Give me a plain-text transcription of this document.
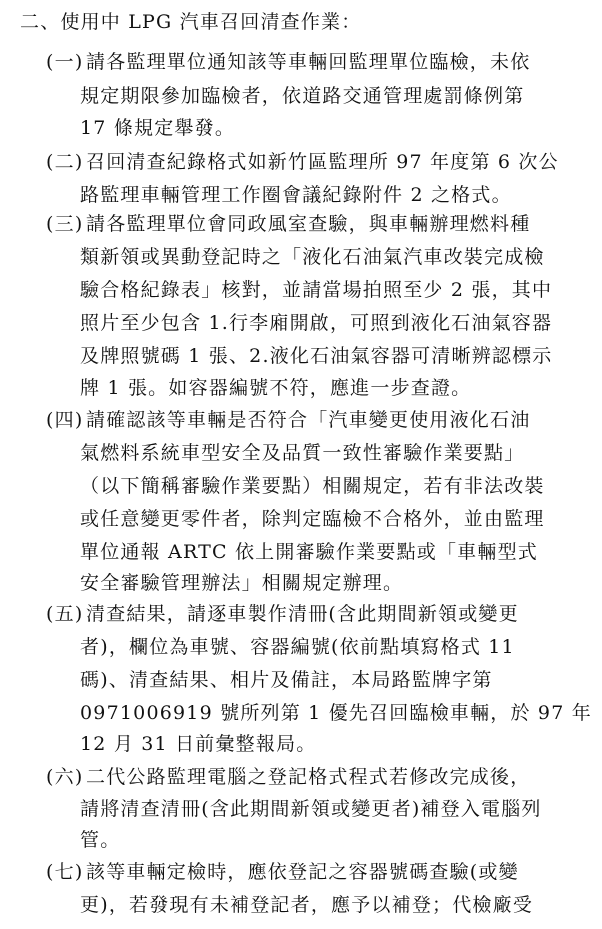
二、使用中 LPG 汽車召回清查作業：
(一) 請各監理單位通知該等車輛回監理單位臨檢，未依
規定期限參加臨檢者，依道路交通管理處罰條例第
17 條規定舉發。
(二) 召回清查紀錄格式如新竹區監理所 97 年度第 6 次公
路監理車輛管理工作圈會議紀錄附件 2 之格式。
(三) 請各監理單位會同政風室查驗，與車輛辦理燃料種
類新領或異動登記時之「液化石油氣汽車改裝完成檢
驗合格紀錄表」核對，並請當場拍照至少 2 張，其中
照片至少包含 1.行李廂開啟，可照到液化石油氣容器
及牌照號碼 1 張、2.液化石油氣容器可清晰辨認標示
牌 1 張。如容器編號不符，應進一步查證。
(四) 請確認該等車輛是否符合「汽車變更使用液化石油
氣燃料系統車型安全及品質一致性審驗作業要點」
（以下簡稱審驗作業要點）相關規定，若有非法改裝
或任意變更零件者，除判定臨檢不合格外，並由監理
單位通報 ARTC 依上開審驗作業要點或「車輛型式
安全審驗管理辦法」相關規定辦理。
(五) 清查結果，請逐車製作清冊(含此期間新領或變更
者)，欄位為車號、容器編號(依前點填寫格式 11
碼)、清查結果、相片及備註，本局路監牌字第
0971006919 號所列第 1 優先召回臨檢車輛，於 97 年
12 月 31 日前彙整報局。
(六) 二代公路監理電腦之登記格式程式若修改完成後，
請將清查清冊(含此期間新領或變更者)補登入電腦列
管。
(七) 該等車輛定檢時，應依登記之容器號碼查驗(或變
更)，若發現有未補登記者，應予以補登；代檢廠受
